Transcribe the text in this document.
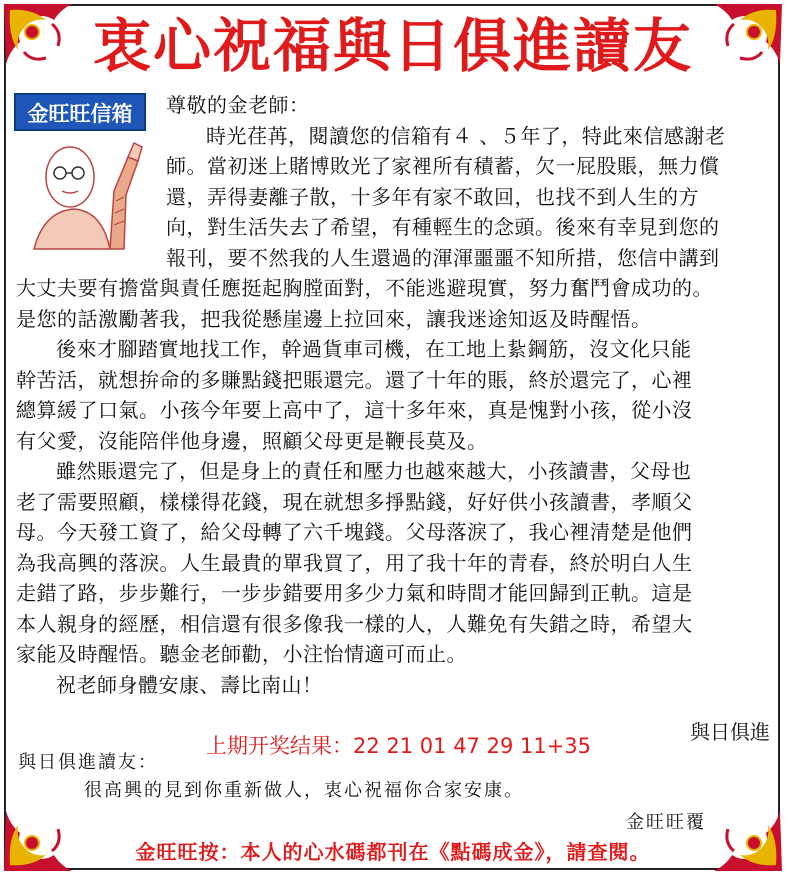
衷心祝福與日俱進讀友
金旺旺信箱	尊敬的金老師：
時光荏苒，閱讀您的信箱有４ 、５年了，特此來信感謝老
師。當初迷上賭博敗光了家裡所有積蓄，欠一屁股賬，無力償
還，弄得妻離子散，十多年有家不敢回，也找不到人生的方
向，對生活失去了希望，有種輕生的念頭。後來有幸見到您的
報刊，要不然我的人生還過的渾渾噩噩不知所措，您信中講到
大丈夫要有擔當與責任應挺起胸膛面對，不能逃避現實，努力奮鬥會成功的。
是您的話激勵著我，把我從懸崖邊上拉回來，讓我迷途知返及時醒悟。
後來才腳踏實地找工作，幹過貨車司機，在工地上紥鋼筋，沒文化只能
幹苦活，就想拚命的多賺點錢把賬還完。還了十年的賬，終於還完了，心裡
總算緩了口氣。小孩今年要上高中了，這十多年來，真是愧對小孩，從小沒
有父愛，沒能陪伴他身邊，照顧父母更是鞭長莫及。
雖然賬還完了，但是身上的責任和壓力也越來越大，小孩讀書，父母也
老了需要照顧，樣樣得花錢，現在就想多掙點錢，好好供小孩讀書，孝順父
母。今天發工資了，給父母轉了六千塊錢。父母落淚了，我心裡清楚是他們
為我高興的落淚。人生最貴的單我買了，用了我十年的青春，終於明白人生
走錯了路，步步難行，一步步錯要用多少力氣和時間才能回歸到正軌。這是
本人親身的經歷，相信還有很多像我一樣的人，人難免有失錯之時，希望大
家能及時醒悟。聽金老師勸，小注怡情適可而止。
祝老師身體安康、壽比南山！
與日俱進
上期开奖结果：22 21 01 47 29 11+35
與日俱進讀友：
很高興的見到你重新做人，衷心祝福你合家安康。
金旺旺覆
金旺旺按：本人的心水碼都刊在《點碼成金》，請查閱。
